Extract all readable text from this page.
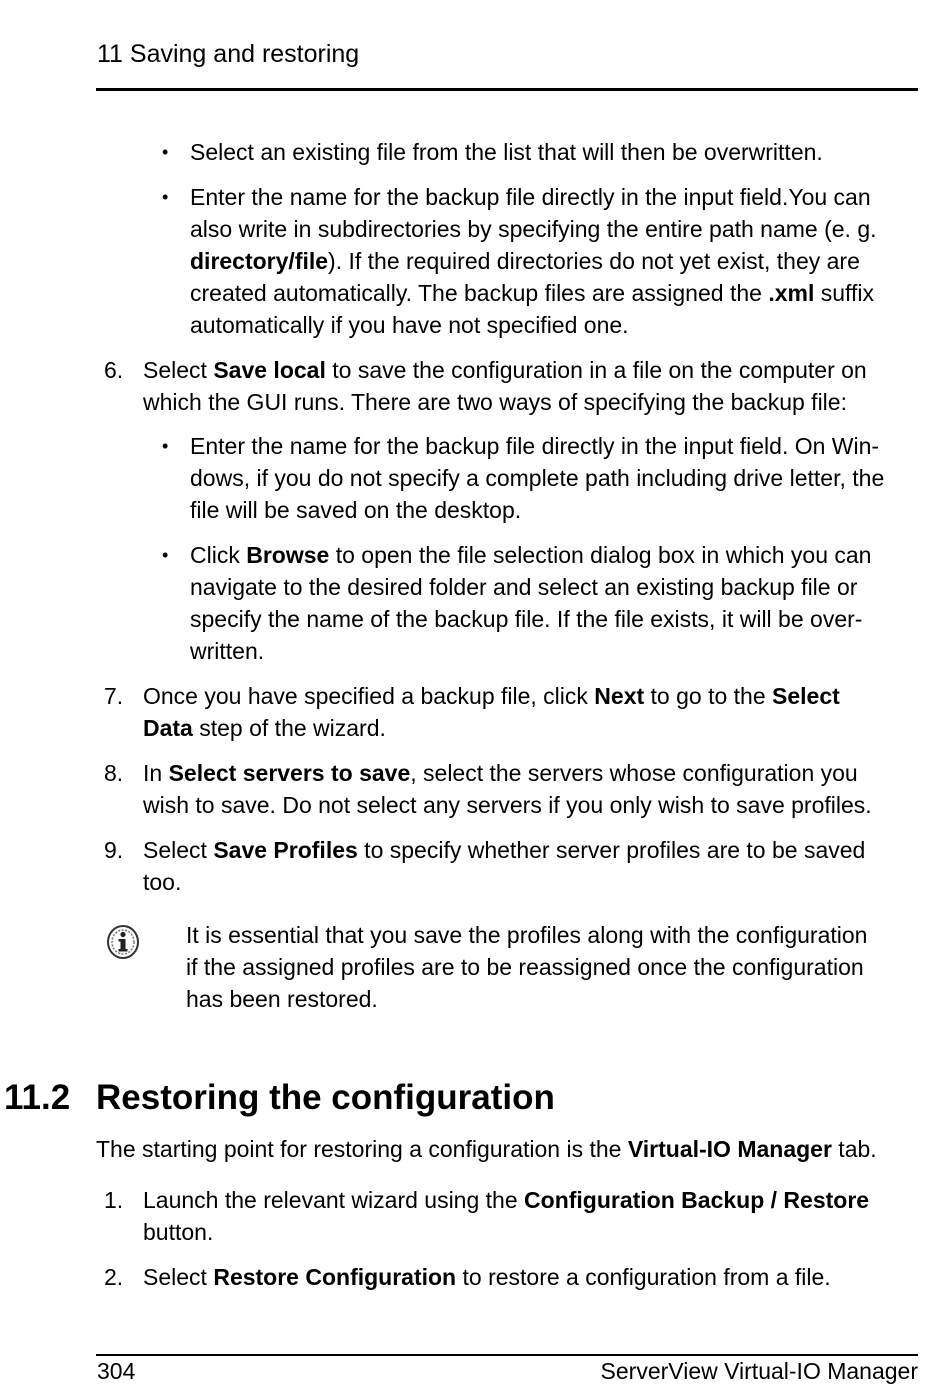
11 Saving and restoring
• Select an existing file from the list that will then be overwritten.
• Enter the name for the backup file directly in the input field.You can
also write in subdirectories by specifying the entire path name (e. g.
directory/file). If the required directories do not yet exist, they are
created automatically. The backup files are assigned the .xml suffix
automatically if you have not specified one.
6. Select Save local to save the configuration in a file on the computer on
which the GUI runs. There are two ways of specifying the backup file:
• Enter the name for the backup file directly in the input field. On Win-
dows, if you do not specify a complete path including drive letter, the
file will be saved on the desktop.
• Click Browse to open the file selection dialog box in which you can
navigate to the desired folder and select an existing backup file or
specify the name of the backup file. If the file exists, it will be over-
written.
7. Once you have specified a backup file, click Next to go to the Select
Data step of the wizard.
8. In Select servers to save, select the servers whose configuration you
wish to save. Do not select any servers if you only wish to save profiles.
9. Select Save Profiles to specify whether server profiles are to be saved
too.
It is essential that you save the profiles along with the configuration
if the assigned profiles are to be reassigned once the configuration
has been restored.
11.2 Restoring the configuration
The starting point for restoring a configuration is the Virtual-IO Manager tab.
1. Launch the relevant wizard using the Configuration Backup / Restore
button.
2. Select Restore Configuration to restore a configuration from a file.
304	ServerView Virtual-IO Manager
